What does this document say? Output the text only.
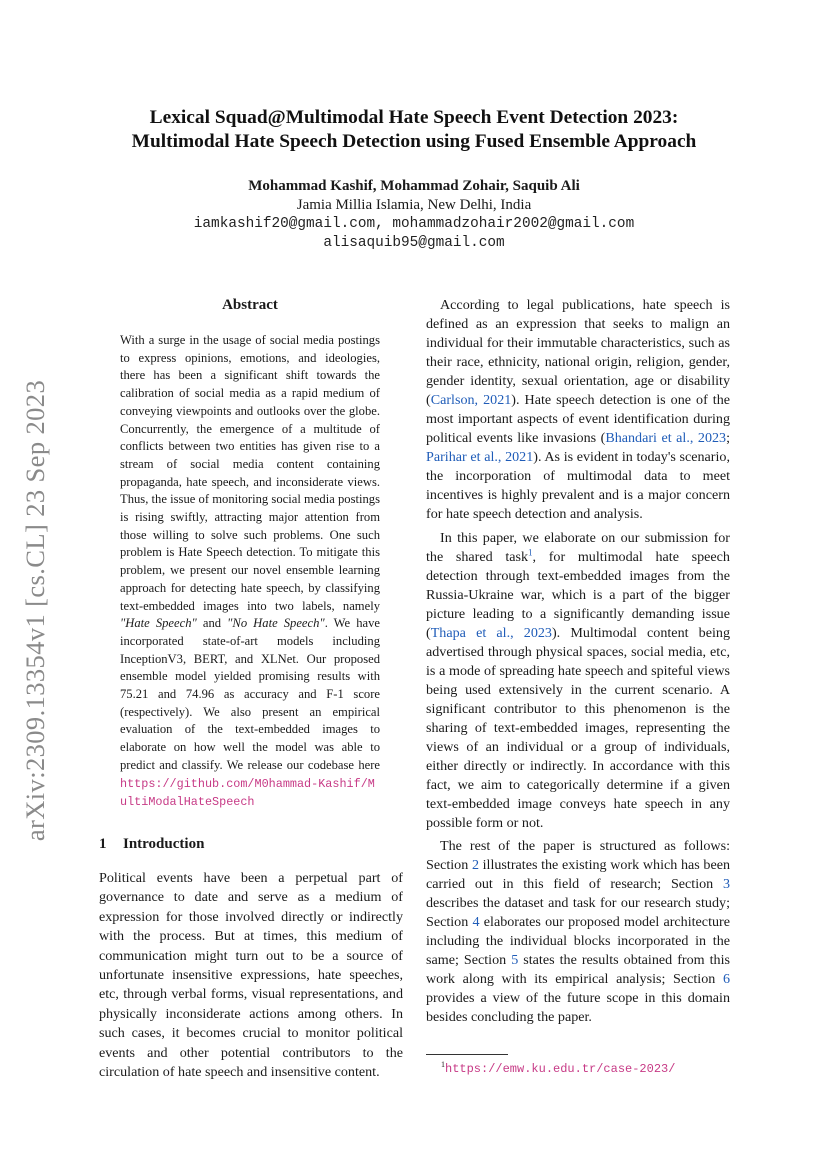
arXiv:2309.13354v1 [cs.CL] 23 Sep 2023
Lexical Squad@Multimodal Hate Speech Event Detection 2023:
Multimodal Hate Speech Detection using Fused Ensemble Approach
Mohammad Kashif, Mohammad Zohair, Saquib Ali
Jamia Millia Islamia, New Delhi, India
iamkashif20@gmail.com, mohammadzohair2002@gmail.com
alisaquib95@gmail.com
Abstract

With a surge in the usage of social media postings to express opinions, emotions, and ideologies, there has been a significant shift towards the calibration of social media as a rapid medium of conveying viewpoints and outlooks over the globe. Concurrently, the emergence of a multitude of conflicts between two entities has given rise to a stream of social media content containing propaganda, hate speech, and inconsiderate views. Thus, the issue of monitoring social media postings is rising swiftly, attracting major attention from those willing to solve such problems. One such problem is Hate Speech detection. To mitigate this problem, we present our novel ensemble learning approach for detecting hate speech, by classifying text-embedded images into two labels, namely "Hate Speech" and "No Hate Speech". We have incorporated state-of-art models including InceptionV3, BERT, and XLNet. Our proposed ensemble model yielded promising results with 75.21 and 74.96 as accuracy and F-1 score (respectively). We also present an empirical evaluation of the text-embedded images to elaborate on how well the model was able to predict and classify. We release our codebase here https://github.com/M0hammad-Kashif/MultiModalHateSpeech

1 Introduction

Political events have been a perpetual part of governance to date and serve as a medium of expression for those involved directly or indirectly with the process. But at times, this medium of communication might turn out to be a source of unfortunate insensitive expressions, hate speeches, etc, through verbal forms, visual representations, and physically inconsiderate actions among others. In such cases, it becomes crucial to monitor political events and other potential contributors to the circulation of hate speech and insensitive content.

According to legal publications, hate speech is defined as an expression that seeks to malign an individual for their immutable characteristics, such as their race, ethnicity, national origin, religion, gender, gender identity, sexual orientation, age or disability (Carlson, 2021). Hate speech detection is one of the most important aspects of event identification during political events like invasions (Bhandari et al., 2023; Parihar et al., 2021). As is evident in today's scenario, the incorporation of multimodal data to meet incentives is highly prevalent and is a major concern for hate speech detection and analysis.

In this paper, we elaborate on our submission for the shared task$^1$, for multimodal hate speech detection through text-embedded images from the Russia-Ukraine war, which is a part of the bigger picture leading to a significantly demanding issue (Thapa et al., 2023). Multimodal content being advertised through physical spaces, social media, etc, is a mode of spreading hate speech and spiteful views being used extensively in the current scenario. A significant contributor to this phenomenon is the sharing of text-embedded images, representing the views of an individual or a group of individuals, either directly or indirectly. In accordance with this fact, we aim to categorically determine if a given text-embedded image conveys hate speech in any possible form or not.

The rest of the paper is structured as follows: Section 2 illustrates the existing work which has been carried out in this field of research; Section 3 describes the dataset and task for our research study; Section 4 elaborates our proposed model architecture including the individual blocks incorporated in the same; Section 5 states the results obtained from this work along with its empirical analysis; Section 6 provides a view of the future scope in this domain besides concluding the paper.

$^1$https://emw.ku.edu.tr/case-2023/
